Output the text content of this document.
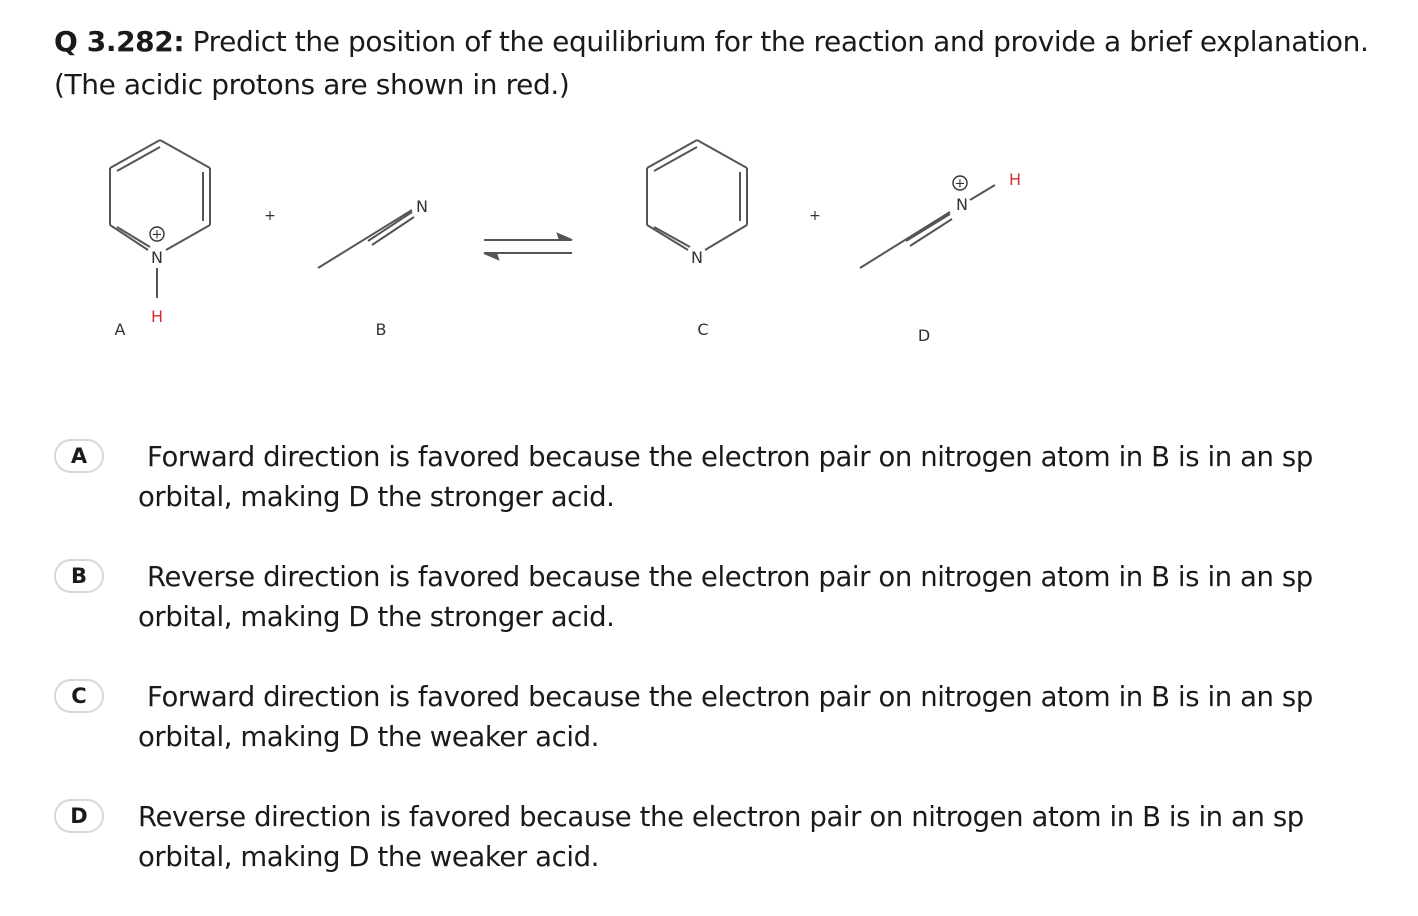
Q 3.282: Predict the position of the equilibrium for the reaction and provide a brief explanation.
(The acidic protons are shown in red.)
+
+
N
H
A
+	N
B
N
C
+
N
H
D
A	Forward direction is favored because the electron pair on nitrogen atom in B is in an sp
orbital, making D the stronger acid.
B	Reverse direction is favored because the electron pair on nitrogen atom in B is in an sp
orbital, making D the stronger acid.
C	Forward direction is favored because the electron pair on nitrogen atom in B is in an sp
orbital, making D the weaker acid.
D	Reverse direction is favored because the electron pair on nitrogen atom in B is in an sp
orbital, making D the weaker acid.
